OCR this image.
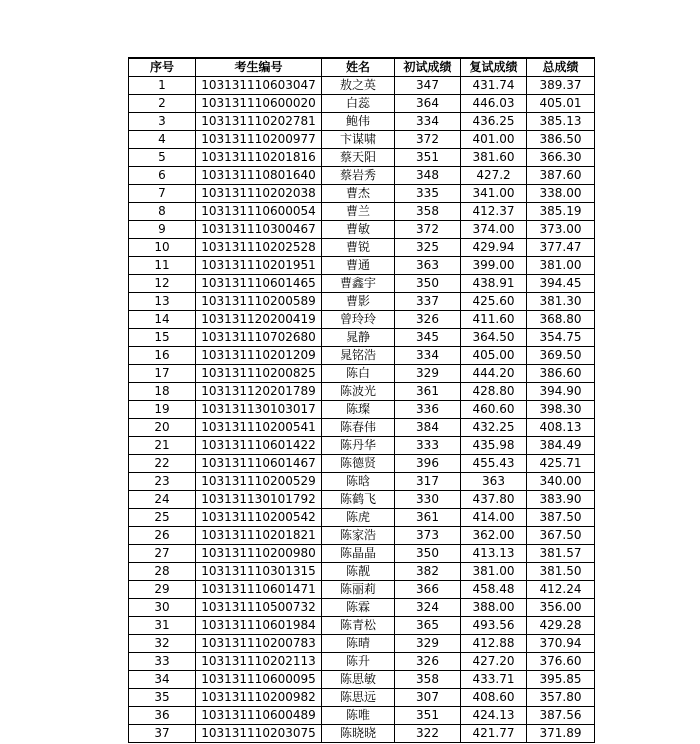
序号	考生编号	姓名	初试成绩	复试成绩	总成绩
1	103131110603047	敖之英	347	431.74	389.37
2	103131110600020	白蕊	364	446.03	405.01
3	103131110202781	鲍伟	334	436.25	385.13
4	103131110200977	卞谋啸	372	401.00	386.50
5	103131110201816	蔡天阳	351	381.60	366.30
6	103131110801640	蔡岩秀	348	427.2	387.60
7	103131110202038	曹杰	335	341.00	338.00
8	103131110600054	曹兰	358	412.37	385.19
9	103131110300467	曹敏	372	374.00	373.00
10	103131110202528	曹锐	325	429.94	377.47
11	103131110201951	曹通	363	399.00	381.00
12	103131110601465	曹鑫宇	350	438.91	394.45
13	103131110200589	曹影	337	425.60	381.30
14	103131120200419	曾玲玲	326	411.60	368.80
15	103131110702680	晁静	345	364.50	354.75
16	103131110201209	晁铭浩	334	405.00	369.50
17	103131110200825	陈白	329	444.20	386.60
18	103131120201789	陈波光	361	428.80	394.90
19	103131130103017	陈璨	336	460.60	398.30
20	103131110200541	陈春伟	384	432.25	408.13
21	103131110601422	陈丹华	333	435.98	384.49
22	103131110601467	陈德贤	396	455.43	425.71
23	103131110200529	陈晗	317	363	340.00
24	103131130101792	陈鹤飞	330	437.80	383.90
25	103131110200542	陈虎	361	414.00	387.50
26	103131110201821	陈家浩	373	362.00	367.50
27	103131110200980	陈晶晶	350	413.13	381.57
28	103131110301315	陈靓	382	381.00	381.50
29	103131110601471	陈丽莉	366	458.48	412.24
30	103131110500732	陈霖	324	388.00	356.00
31	103131110601984	陈青松	365	493.56	429.28
32	103131110200783	陈晴	329	412.88	370.94
33	103131110202113	陈升	326	427.20	376.60
34	103131110600095	陈思敏	358	433.71	395.85
35	103131110200982	陈思远	307	408.60	357.80
36	103131110600489	陈唯	351	424.13	387.56
37	103131110203075	陈晓晓	322	421.77	371.89
